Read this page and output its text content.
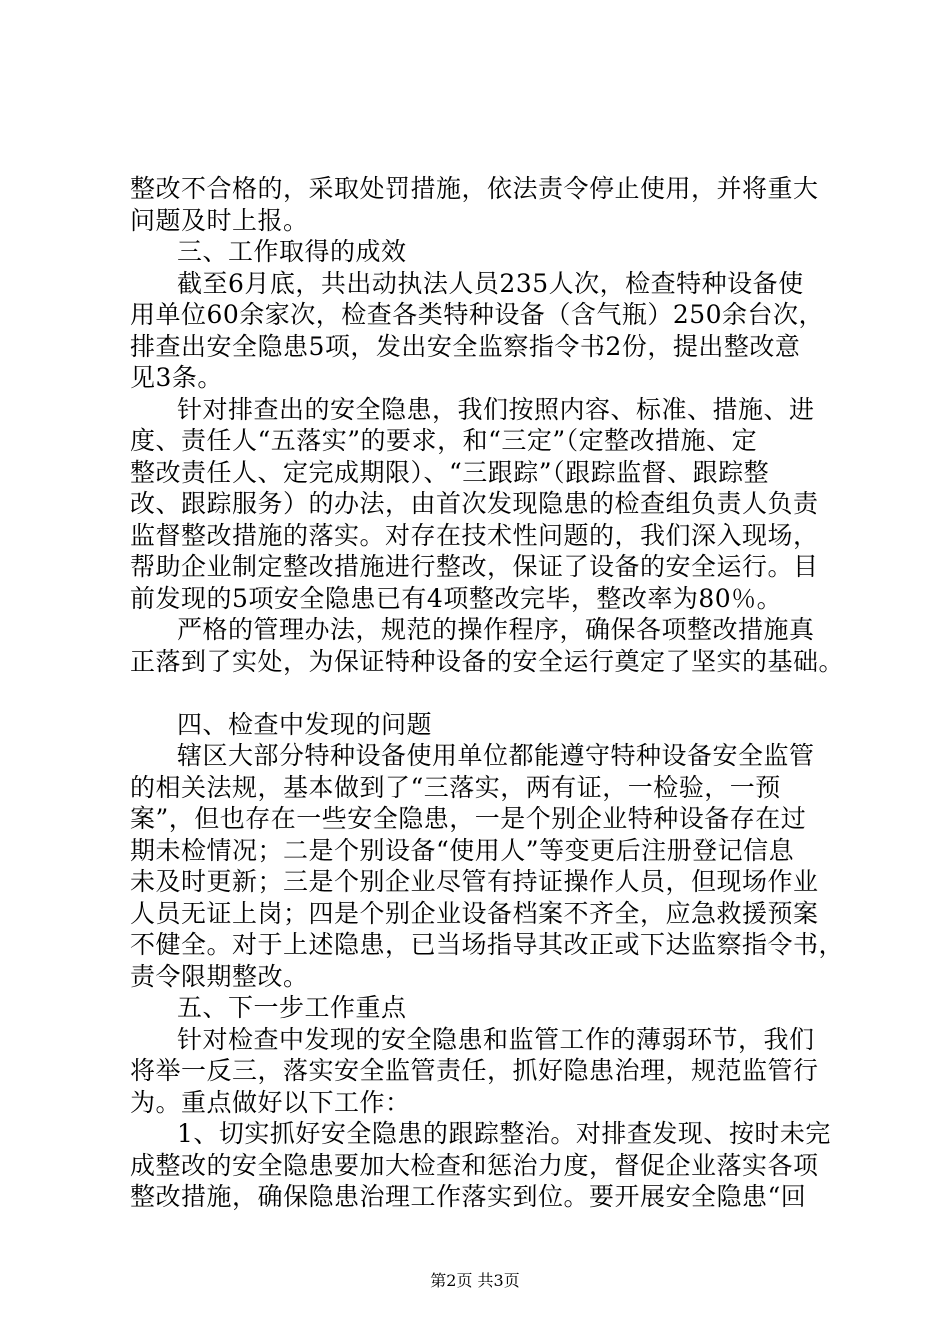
整改不合格的，采取处罚措施，依法责令停止使用，并将重大
问题及时上报。
三、工作取得的成效
截至6月底，共出动执法人员235人次，检查特种设备使
用单位60余家次，检查各类特种设备（含气瓶）250余台次，
排查出安全隐患5项，发出安全监察指令书2份，提出整改意
见3条。
针对排查出的安全隐患，我们按照内容、标准、措施、进
度、责任人“五落实”的要求，和“三定”（定整改措施、定
整改责任人、定完成期限）、“三跟踪”（跟踪监督、跟踪整
改、跟踪服务）的办法，由首次发现隐患的检查组负责人负责
监督整改措施的落实。对存在技术性问题的，我们深入现场，
帮助企业制定整改措施进行整改，保证了设备的安全运行。目
前发现的5项安全隐患已有4项整改完毕，整改率为80％。
严格的管理办法，规范的操作程序，确保各项整改措施真
正落到了实处，为保证特种设备的安全运行奠定了坚实的基础。
四、检查中发现的问题
辖区大部分特种设备使用单位都能遵守特种设备安全监管
的相关法规，基本做到了“三落实，两有证，一检验，一预
案”，但也存在一些安全隐患，一是个别企业特种设备存在过
期未检情况；二是个别设备“使用人”等变更后注册登记信息
未及时更新；三是个别企业尽管有持证操作人员，但现场作业
人员无证上岗；四是个别企业设备档案不齐全，应急救援预案
不健全。对于上述隐患，已当场指导其改正或下达监察指令书，
责令限期整改。
五、下一步工作重点
针对检查中发现的安全隐患和监管工作的薄弱环节，我们
将举一反三，落实安全监管责任，抓好隐患治理，规范监管行
为。重点做好以下工作：
1、切实抓好安全隐患的跟踪整治。对排查发现、按时未完
成整改的安全隐患要加大检查和惩治力度，督促企业落实各项
整改措施，确保隐患治理工作落实到位。要开展安全隐患“回
第2页 共3页
